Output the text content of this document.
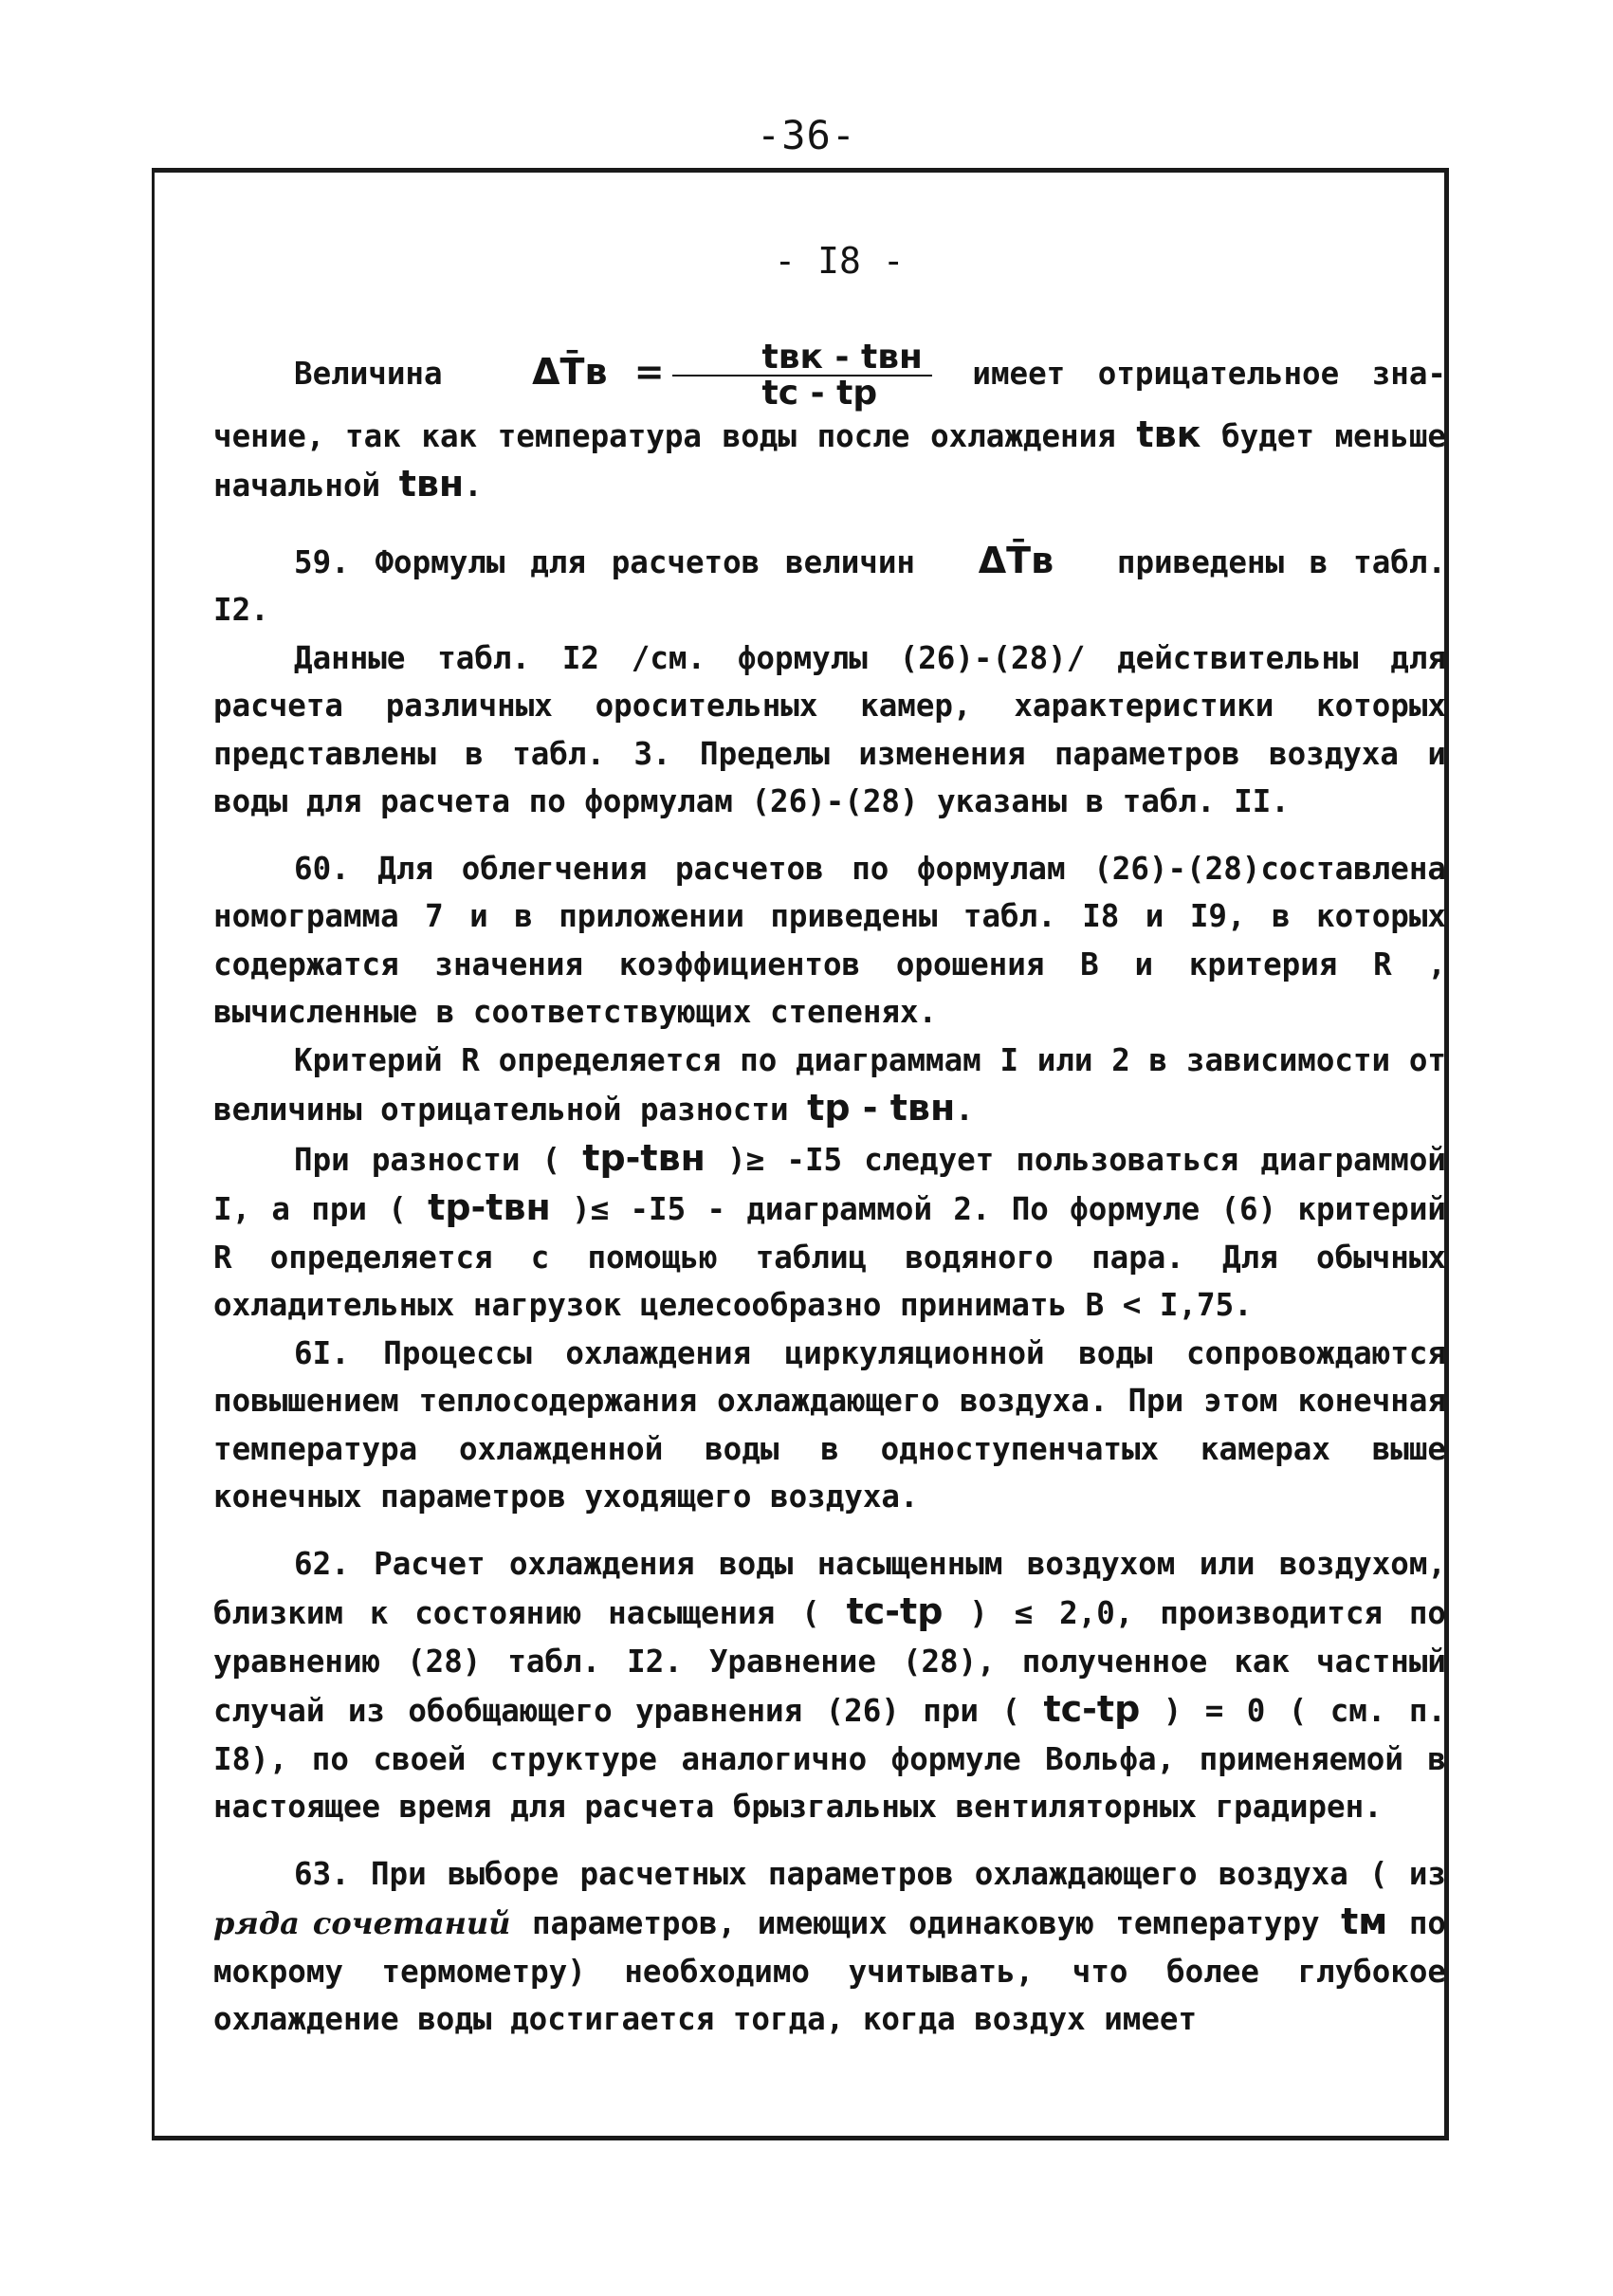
-36-
- I8 -

Величина ΔT̄в = $\frac{\text{tвк - tвн}}{tc - tp}$ имеет отрицательное зна-чение, так как температура воды после охлаждения tвк будет меньше начальной tвн.

59. Формулы для расчетов величин ΔT̄в приведены в табл. I2.

Данные табл. I2 /см. формулы (26)-(28)/ действительны для расчета различных оросительных камер, характеристики которых представлены в табл. 3. Пределы изменения параметров воздуха и воды для расчета по формулам (26)-(28) указаны в табл. II.

60. Для облегчения расчетов по формулам (26)-(28)составлена номограмма 7 и в приложении приведены табл. I8 и I9, в которых содержатся значения коэффициентов орошения В и критерия R , вычисленные в соответствующих степенях.

Критерий R определяется по диаграммам I или 2 в зависимости от величины отрицательной разности tp - tвн.

При разности ( tp-tвн )≥ -I5 следует пользоваться диаграммой I, а при ( tp-tвн )≤ -I5 - диаграммой 2. По формуле (6) критерий R определяется с помощью таблиц водяного пара. Для обычных охладительных нагрузок целесообразно принимать B < I,75.

6I. Процессы охлаждения циркуляционной воды сопровождаются повышением теплосодержания охлаждающего воздуха. При этом конечная температура охлажденной воды в одноступенчатых камерах выше конечных параметров уходящего воздуха.

62. Расчет охлаждения воды насыщенным воздухом или воздухом, близким к состоянию насыщения ( tc-tp ) ≤ 2,0, производится по уравнению (28) табл. I2. Уравнение (28), полученное как частный случай из обобщающего уравнения (26) при ( tc-tp ) = 0 ( см. п. I8), по своей структуре аналогично формуле Вольфа, применяемой в настоящее время для расчета брызгальных вентиляторных градирен.

63. При выборе расчетных параметров охлаждающего воздуха ( из ряда сочетаний параметров, имеющих одинаковую температуру tм по мокрому термометру) необходимо учитывать, что более глубокое охлаждение воды достигается тогда, когда воздух имеет
